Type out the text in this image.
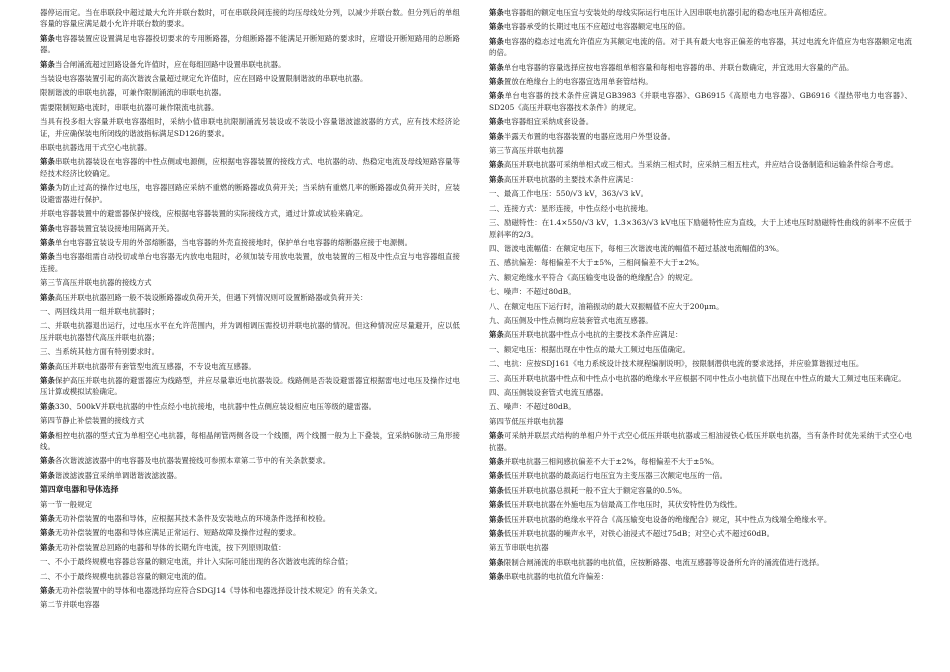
器停运而定。当在串联段中超过最大允许并联台数时，可在串联段间连接的均压母线处分列，以减少并联台数。但分列后的单组容量的容量应满足最小允许并联台数的要求。

第条电容器装置应设置满足电容器投切要求的专用断路器，分组断路器不能满足开断短路的要求时，应增设开断短路用的总断路器。

第条当合闸涌流超过回路设备允许值时，应在每组回路中设置串联电抗器。

当装设电容器装置引起的高次谐波含量超过规定允许值时，应在回路中设置限制谐波的串联电抗器。

限制谐波的串联电抗器，可兼作限制涌流的串联电抗器。

需要限制短路电流时，串联电抗器可兼作限流电抗器。

当具有投多组大容量并联电容器组时，采纳小值串联电抗限制涌流另装设或不装设小容量谐波滤波器的方式，应有技术经济论证，并应确保装电所闭线的谐波指标满足SD126的要求。

串联电抗器选用干式空心电抗器。

第条串联电抗器装设在电容器的中性点侧或电源侧，应根据电容器装置的接线方式、电抗器的动、热稳定电流及母线短路容量等经技术经济比较确定。

第条为防止过高的操作过电压，电容器回路应采纳不重燃的断路器或负荷开关；当采纳有重燃几率的断路器或负荷开关时，应装设避雷器进行保护。

并联电容器装置中的避雷器保护接线，应根据电容器装置的实际接线方式，通过计算或试验来确定。

第条电容器装置宜装设接地用隔离开关。

第条单台电容器宜装设专用的外部熔断器，当电容器的外壳直接接地时，保护单台电容器的熔断器应接于电源侧。

第条当电容器组需自动投切或单台电容器无内放电电阻时，必须加装专用放电装置，放电装置的三相及中性点宜与电容器组直接连接。

第三节高压并联电抗器的接线方式

第条高压并联电抗器回路一般不装设断路器或负荷开关，但遇下列情况则可设置断路器或负荷开关：

一、两回线共用一组并联电抗器时；

二、并联电抗器退出运行，过电压水平在允许范围内，并为调相调压需投切并联电抗器的情况。但这种情况应尽量避开，应以低压并联电抗器替代高压并联电抗器；

三、当系统其他方面有特别要求时。

第条高压并联电抗器带有套管型电流互感器，不专设电流互感器。

第条保护高压并联电抗器的避雷器应为线路型，并应尽量靠近电抗器装设。线路侧是否装设避雷器宜根据雷电过电压及操作过电压计算或模拟试验确定。

第条330、500kV并联电抗器的中性点经小电抗接地，电抗器中性点侧应装设相应电压等级的避雷器。

第四节静止补偿装置的接线方式

第条相控电抗器的型式宜为单相空心电抗器，每相晶闸管两侧各设一个线圈，两个线圈一般为上下叠装，宜采纳6脉动三角形接线。

第条各次谐波滤波器中的电容器及电抗器装置接线可参照本章第二节中的有关条款要求。

第条谐波滤波器宜采纳单调谐谐波滤波器。

第四章电器和导体选择

第一节一般规定

第条无功补偿装置的电器和导体，应根据其技术条件及安装地点的环境条件选择和校验。

第条无功补偿装置的电器和导体应满足正常运行、短路故障及操作过程的要求。

第条无功补偿装置总回路的电器和导体的长期允许电流，按下列原则取值：

一、不小于最终规模电容器总容量的额定电流，并计入实际可能出现的各次谐波电流的综合值；

二、不小于最终规模电抗器总容量的额定电流的值。

第条无功补偿装置中的导体和电器选择均应符合SDGJ14《导体和电器选择设计技术规定》的有关条文。

第二节并联电容器

第条电容器组的额定电压宜与安装处的母线实际运行电压计入因串联电抗器引起的稳态电压升高相适应。

第条电容器承受的长期过电压不应超过电容器额定电压的倍。

第条电容器的稳态过电流允许值应为其额定电流的倍。对于具有最大电容正偏差的电容器，其过电流允许值应为电容器额定电流的倍。

第条单台电容器的容量选择应按电容器组单相容量和每相电容器的串、并联台数确定，并宜选用大容量的产品。

第条置放在绝缘台上的电容器宜选用单套管结构。

第条单台电容器的技术条件应满足GB3983《并联电容器》、GB6915《高原电力电容器》、GB6916《湿热带电力电容器》、SD205《高压并联电容器技术条件》的规定。

第条电容器组宜采纳成套设备。

第条半露天布置的电容器装置的电器应选用户外型设备。

第三节高压并联电抗器

第条高压并联电抗器可采纳单相式或三相式。当采纳三相式时，应采纳三相五柱式，并应结合设备制造和运输条件综合考虑。

第条高压并联电抗器的主要技术条件应满足：

一、最高工作电压：550/√3 kV，363/√3 kV。

二、连接方式：星形连接，中性点经小电抗接地。

三、励磁特性：在1.4×550/√3 kV，1.3×363/√3 kV电压下励磁特性应为直线，大于上述电压时励磁特性曲线的斜率不应低于原斜率的2/3。

四、谐波电流幅值：在额定电压下，每相三次谐波电流的幅值不超过基波电流幅值的3%。

五、感抗偏差：每相偏差不大于±5%，三相间偏差不大于±2%。

六、额定绝缘水平符合《高压输变电设备的绝缘配合》的规定。

七、噪声：不超过80dB。

八、在额定电压下运行时，油箱振动的最大双振幅值不应大于200μm。

九、高压侧及中性点侧均应装套管式电流互感器。

第条高压并联电抗器中性点小电抗的主要技术条件应满足：

一、额定电压：根据出现在中性点的最大工频过电压值确定。

二、电抗：应按SDJ161《电力系统设计技术规程编制说明》，按限制潜供电流的要求选择，并应验算谐振过电压。

三、高压并联电抗器中性点和中性点小电抗器的绝缘水平应根据不同中性点小电抗值下出现在中性点的最大工频过电压来确定。

四、高压侧装设套管式电流互感器。

五、噪声：不超过80dB。

第四节低压并联电抗器

第条可采纳并联层式结构的单相户外干式空心低压并联电抗器或三相油浸铁心低压并联电抗器，当有条件时优先采纳干式空心电抗器。

第条并联电抗器三相间感抗偏差不大于±2%，每相偏差不大于±5%。

第条低压并联电抗器的最高运行电压宜为主变压器三次额定电压的一倍。

第条低压并联电抗器总损耗一般不宜大于额定容量的0.5%。

第条低压并联电抗器在外施电压为信最高工作电压时，其伏安特性仍为线性。

第条低压并联电抗器的绝缘水平符合《高压输变电设备的绝缘配合》规定，其中性点为线端全绝缘水平。

第条低压并联电抗器的噪声水平，对铁心油浸式不超过75dB；对空心式不超过60dB。

第五节串联电抗器

第条限制合闸涌流的串联电抗器的电抗值，应按断路器、电流互感器等设备所允许的涌流值进行选择。

第条串联电抗器的电抗值允许偏差：
